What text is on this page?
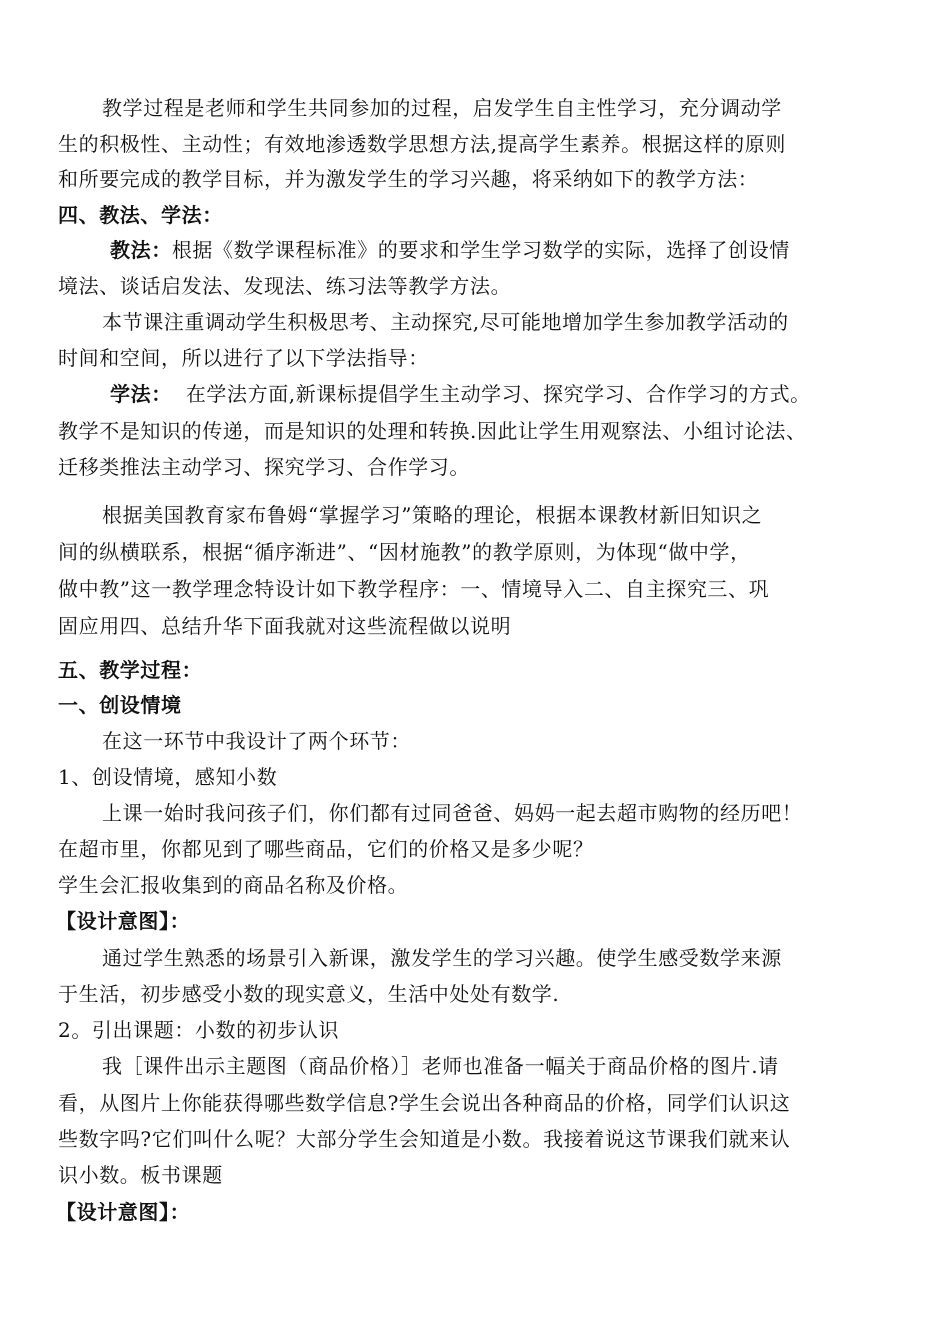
教学过程是老师和学生共同参加的过程，启发学生自主性学习，充分调动学
生的积极性、主动性；有效地渗透数学思想方法,提高学生素养。根据这样的原则
和所要完成的教学目标，并为激发学生的学习兴趣，将采纳如下的教学方法：
四、教法、学法：
教法：根据《数学课程标准》的要求和学生学习数学的实际，选择了创设情
境法、谈话启发法、发现法、练习法等教学方法。
本节课注重调动学生积极思考、主动探究,尽可能地增加学生参加教学活动的
时间和空间，所以进行了以下学法指导：
学法： 在学法方面,新课标提倡学生主动学习、探究学习、合作学习的方式。
教学不是知识的传递，而是知识的处理和转换.因此让学生用观察法、小组讨论法、
迁移类推法主动学习、探究学习、合作学习。
根据美国教育家布鲁姆“掌握学习”策略的理论，根据本课教材新旧知识之
间的纵横联系，根据“循序渐进”、“因材施教”的教学原则，为体现“做中学，
做中教”这一教学理念特设计如下教学程序：一、情境导入二、自主探究三、巩
固应用四、总结升华下面我就对这些流程做以说明
五、教学过程：
一、创设情境
在这一环节中我设计了两个环节：
1、创设情境，感知小数
上课一始时我问孩子们，你们都有过同爸爸、妈妈一起去超市购物的经历吧！
在超市里，你都见到了哪些商品，它们的价格又是多少呢？
学生会汇报收集到的商品名称及价格。
【设计意图】：
通过学生熟悉的场景引入新课，激发学生的学习兴趣。使学生感受数学来源
于生活，初步感受小数的现实意义，生活中处处有数学.
2。引出课题：小数的初步认识
我［课件出示主题图（商品价格）］老师也准备一幅关于商品价格的图片.请
看，从图片上你能获得哪些数学信息?学生会说出各种商品的价格，同学们认识这
些数字吗?它们叫什么呢？大部分学生会知道是小数。我接着说这节课我们就来认
识小数。板书课题
【设计意图】：
